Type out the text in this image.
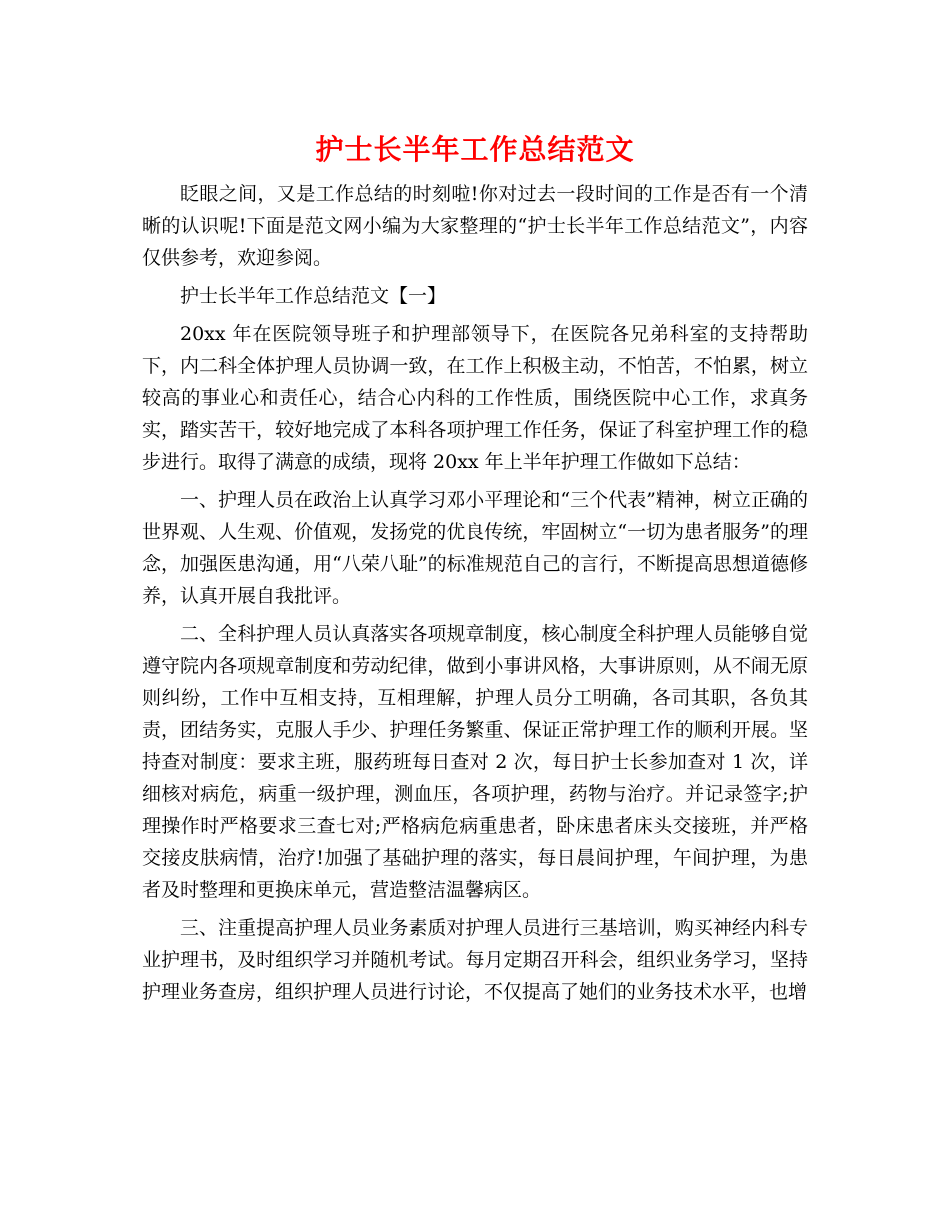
护士长半年工作总结范文

眨眼之间，又是工作总结的时刻啦!你对过去一段时间的工作是否有一个清晰的认识呢!下面是范文网小编为大家整理的“护士长半年工作总结范文”，内容仅供参考，欢迎参阅。

护士长半年工作总结范文【一】

20xx 年在医院领导班子和护理部领导下，在医院各兄弟科室的支持帮助下，内二科全体护理人员协调一致，在工作上积极主动，不怕苦，不怕累，树立较高的事业心和责任心，结合心内科的工作性质，围绕医院中心工作，求真务实，踏实苦干，较好地完成了本科各项护理工作任务，保证了科室护理工作的稳步进行。取得了满意的成绩，现将 20xx 年上半年护理工作做如下总结：

一、护理人员在政治上认真学习邓小平理论和“三个代表”精神，树立正确的世界观、人生观、价值观，发扬党的优良传统，牢固树立“一切为患者服务”的理念，加强医患沟通，用“八荣八耻”的标准规范自己的言行，不断提高思想道德修养，认真开展自我批评。

二、全科护理人员认真落实各项规章制度，核心制度全科护理人员能够自觉遵守院内各项规章制度和劳动纪律，做到小事讲风格，大事讲原则，从不闹无原则纠纷，工作中互相支持，互相理解，护理人员分工明确，各司其职，各负其责，团结务实，克服人手少、护理任务繁重、保证正常护理工作的顺利开展。坚持查对制度：要求主班，服药班每日查对 2 次，每日护士长参加查对 1 次，详细核对病危，病重一级护理，测血压，各项护理，药物与治疗。并记录签字;护理操作时严格要求三查七对;严格病危病重患者，卧床患者床头交接班，并严格交接皮肤病情，治疗!加强了基础护理的落实，每日晨间护理，午间护理，为患者及时整理和更换床单元，营造整洁温馨病区。

三、注重提高护理人员业务素质对护理人员进行三基培训，购买神经内科专业护理书，及时组织学习并随机考试。每月定期召开科会，组织业务学习，坚持护理业务查房，组织护理人员进行讨论，不仅提高了她们的业务技术水平，也增
